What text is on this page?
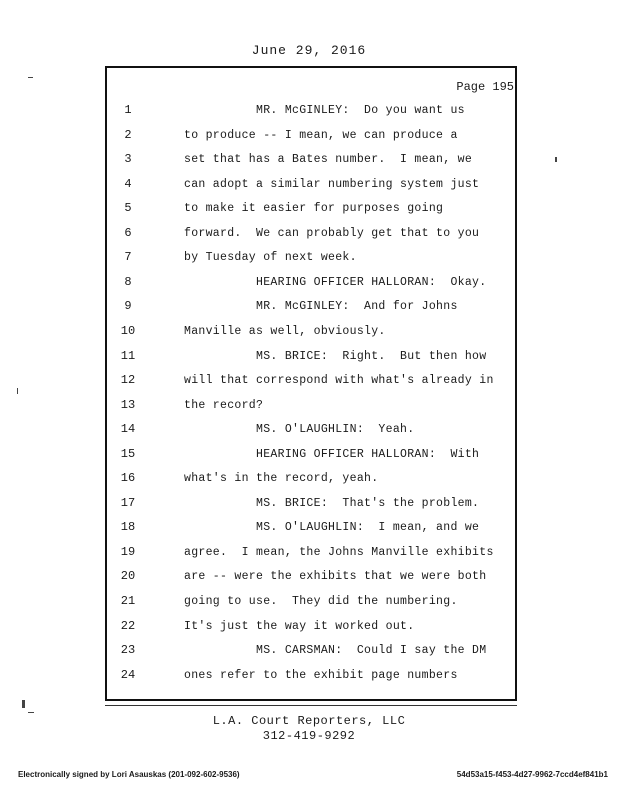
June 29, 2016
Page 195
1	MR. McGINLEY:  Do you want us
2	to produce -- I mean, we can produce a
3	set that has a Bates number.  I mean, we
4	can adopt a similar numbering system just
5	to make it easier for purposes going
6	forward.  We can probably get that to you
7	by Tuesday of next week.
8	HEARING OFFICER HALLORAN:  Okay.
9	MR. McGINLEY:  And for Johns
10	Manville as well, obviously.
11	MS. BRICE:  Right.  But then how
12	will that correspond with what's already in
13	the record?
14	MS. O'LAUGHLIN:  Yeah.
15	HEARING OFFICER HALLORAN:  With
16	what's in the record, yeah.
17	MS. BRICE:  That's the problem.
18	MS. O'LAUGHLIN:  I mean, and we
19	agree.  I mean, the Johns Manville exhibits
20	are -- were the exhibits that we were both
21	going to use.  They did the numbering.
22	It's just the way it worked out.
23	MS. CARSMAN:  Could I say the DM
24	ones refer to the exhibit page numbers
L.A. Court Reporters, LLC
312-419-9292
Electronically signed by Lori Asauskas (201-092-602-9536)	54d53a15-f453-4d27-9962-7ccd4ef841b1
